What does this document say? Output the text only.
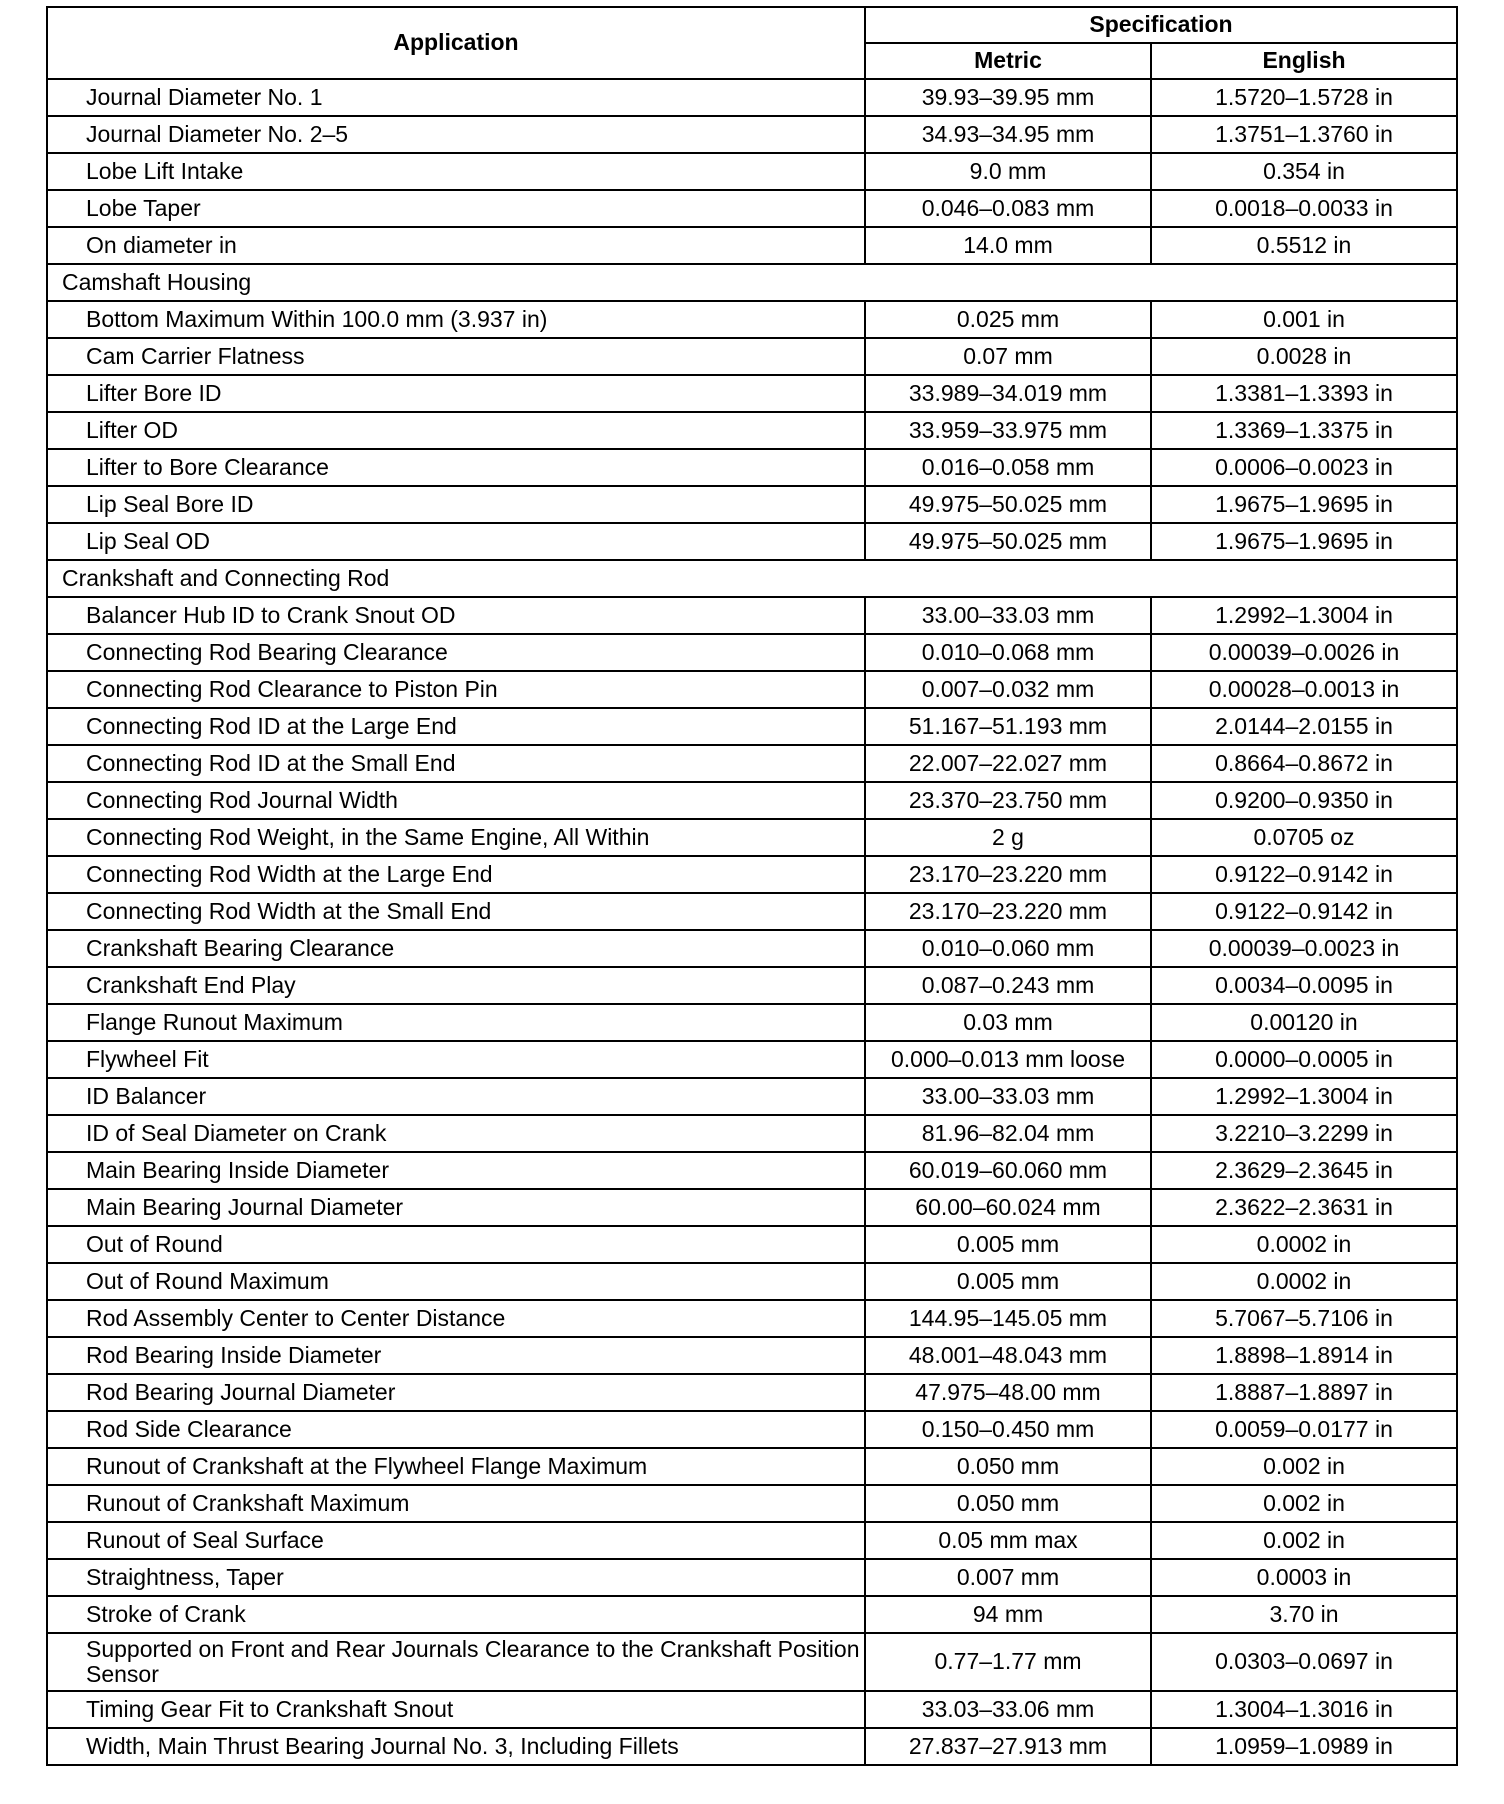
Application	Specification	
	Metric	English
Journal Diameter No. 1	39.93–39.95 mm	1.5720–1.5728 in
Journal Diameter No. 2–5	34.93–34.95 mm	1.3751–1.3760 in
Lobe Lift Intake	9.0 mm	0.354 in
Lobe Taper	0.046–0.083 mm	0.0018–0.0033 in
On diameter in	14.0 mm	0.5512 in
Camshaft Housing		
Bottom Maximum Within 100.0 mm (3.937 in)	0.025 mm	0.001 in
Cam Carrier Flatness	0.07 mm	0.0028 in
Lifter Bore ID	33.989–34.019 mm	1.3381–1.3393 in
Lifter OD	33.959–33.975 mm	1.3369–1.3375 in
Lifter to Bore Clearance	0.016–0.058 mm	0.0006–0.0023 in
Lip Seal Bore ID	49.975–50.025 mm	1.9675–1.9695 in
Lip Seal OD	49.975–50.025 mm	1.9675–1.9695 in
Crankshaft and Connecting Rod		
Balancer Hub ID to Crank Snout OD	33.00–33.03 mm	1.2992–1.3004 in
Connecting Rod Bearing Clearance	0.010–0.068 mm	0.00039–0.0026 in
Connecting Rod Clearance to Piston Pin	0.007–0.032 mm	0.00028–0.0013 in
Connecting Rod ID at the Large End	51.167–51.193 mm	2.0144–2.0155 in
Connecting Rod ID at the Small End	22.007–22.027 mm	0.8664–0.8672 in
Connecting Rod Journal Width	23.370–23.750 mm	0.9200–0.9350 in
Connecting Rod Weight, in the Same Engine, All Within	2 g	0.0705 oz
Connecting Rod Width at the Large End	23.170–23.220 mm	0.9122–0.9142 in
Connecting Rod Width at the Small End	23.170–23.220 mm	0.9122–0.9142 in
Crankshaft Bearing Clearance	0.010–0.060 mm	0.00039–0.0023 in
Crankshaft End Play	0.087–0.243 mm	0.0034–0.0095 in
Flange Runout Maximum	0.03 mm	0.00120 in
Flywheel Fit	0.000–0.013 mm loose	0.0000–0.0005 in
ID Balancer	33.00–33.03 mm	1.2992–1.3004 in
ID of Seal Diameter on Crank	81.96–82.04 mm	3.2210–3.2299 in
Main Bearing Inside Diameter	60.019–60.060 mm	2.3629–2.3645 in
Main Bearing Journal Diameter	60.00–60.024 mm	2.3622–2.3631 in
Out of Round	0.005 mm	0.0002 in
Out of Round Maximum	0.005 mm	0.0002 in
Rod Assembly Center to Center Distance	144.95–145.05 mm	5.7067–5.7106 in
Rod Bearing Inside Diameter	48.001–48.043 mm	1.8898–1.8914 in
Rod Bearing Journal Diameter	47.975–48.00 mm	1.8887–1.8897 in
Rod Side Clearance	0.150–0.450 mm	0.0059–0.0177 in
Runout of Crankshaft at the Flywheel Flange Maximum	0.050 mm	0.002 in
Runout of Crankshaft Maximum	0.050 mm	0.002 in
Runout of Seal Surface	0.05 mm max	0.002 in
Straightness, Taper	0.007 mm	0.0003 in
Stroke of Crank	94 mm	3.70 in
Supported on Front and Rear Journals Clearance to the Crankshaft Position Sensor	0.77–1.77 mm	0.0303–0.0697 in
Timing Gear Fit to Crankshaft Snout	33.03–33.06 mm	1.3004–1.3016 in
Width, Main Thrust Bearing Journal No. 3, Including Fillets	27.837–27.913 mm	1.0959–1.0989 in
